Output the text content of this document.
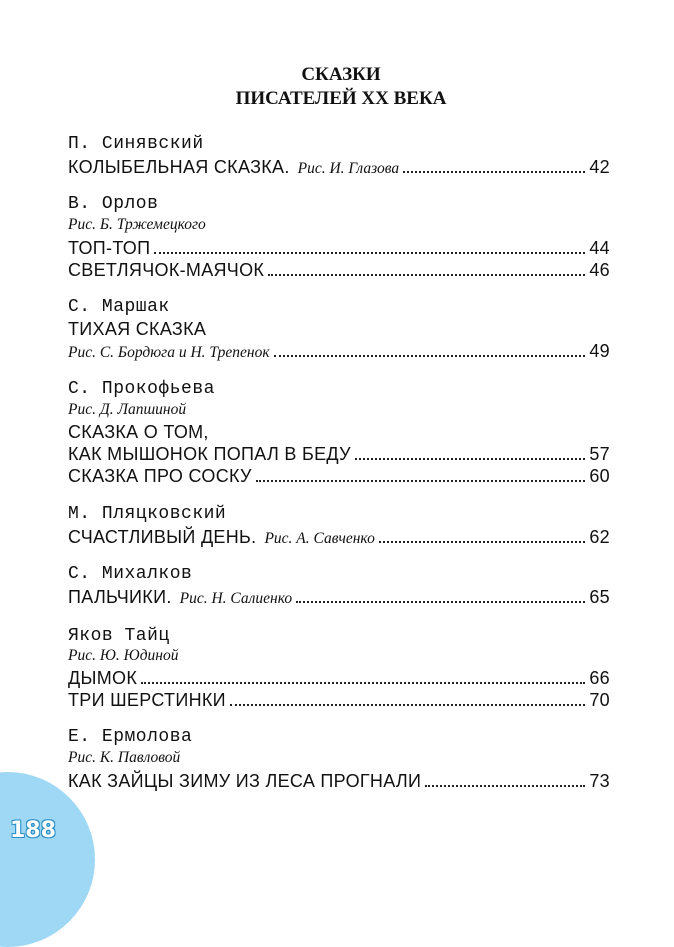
188
СКАЗКИ
ПИСАТЕЛЕЙ XX ВЕКА
П. Синявский
КОЛЫБЕЛЬНАЯ СКАЗКА. Рис. И. Глазова	42
В. Орлов
Рис. Б. Тржемецкого
ТОП-ТОП	44
СВЕТЛЯЧОК-МАЯЧОК	46
С. Маршак
ТИХАЯ СКАЗКА
Рис. С. Бордюга и Н. Трепенок	49
С. Прокофьева
Рис. Д. Лапшиной
СКАЗКА О ТОМ,
КАК МЫШОНОК ПОПАЛ В БЕДУ	57
СКАЗКА ПРО СОСКУ	60
М. Пляцковский
СЧАСТЛИВЫЙ ДЕНЬ. Рис. А. Савченко	62
С. Михалков
ПАЛЬЧИКИ. Рис. Н. Салиенко	65
Яков Тайц
Рис. Ю. Юдиной
ДЫМОК	66
ТРИ ШЕРСТИНКИ	70
Е. Ермолова
Рис. К. Павловой
КАК ЗАЙЦЫ ЗИМУ ИЗ ЛЕСА ПРОГНАЛИ	73
